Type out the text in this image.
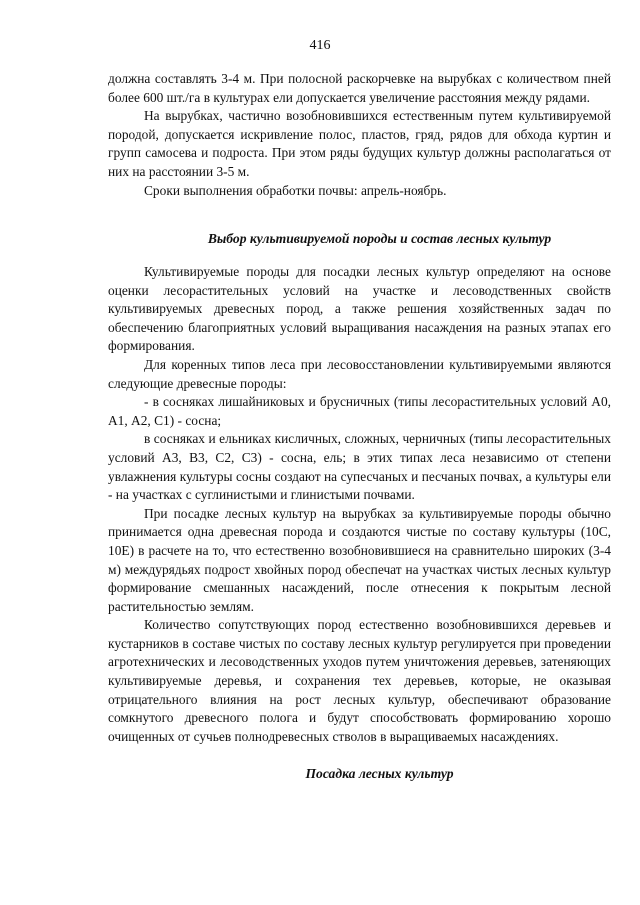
416

должна составлять 3-4 м. При полосной раскорчевке на вырубках с количеством пней более 600 шт./га в культурах ели допускается увеличение расстояния между рядами.

На вырубках, частично возобновившихся естественным путем культивируемой породой, допускается искривление полос, пластов, гряд, рядов для обхода куртин и групп самосева и подроста. При этом ряды будущих культур должны располагаться от них на расстоянии 3-5 м.

Сроки выполнения обработки почвы: апрель-ноябрь.

Выбор культивируемой породы и состав лесных культур

Культивируемые породы для посадки лесных культур определяют на основе оценки лесорастительных условий на участке и лесоводственных свойств культивируемых древесных пород, а также решения хозяйственных задач по обеспечению благоприятных условий выращивания насаждения на разных этапах его формирования.

Для коренных типов леса при лесовосстановлении культивируемыми являются следующие древесные породы:

- в сосняках лишайниковых и брусничных (типы лесорастительных условий А0, А1, А2, С1) - сосна;

в сосняках и ельниках кисличных, сложных, черничных (типы лесорастительных условий А3, В3, С2, С3) - сосна, ель; в этих типах леса независимо от степени увлажнения культуры сосны создают на супесчаных и песчаных почвах, а культуры ели - на участках с суглинистыми и глинистыми почвами.

При посадке лесных культур на вырубках за культивируемые породы обычно принимается одна древесная порода и создаются чистые по составу культуры (10С, 10Е) в расчете на то, что естественно возобновившиеся на сравнительно широких (3-4 м) междурядьях подрост хвойных пород обеспечат на участках чистых лесных культур формирование смешанных насаждений, после отнесения к покрытым лесной растительностью землям.

Количество сопутствующих пород естественно возобновившихся деревьев и кустарников в составе чистых по составу лесных культур регулируется при проведении агротехнических и лесоводственных уходов путем уничтожения деревьев, затеняющих культивируемые деревья, и сохранения тех деревьев, которые, не оказывая отрицательного влияния на рост лесных культур, обеспечивают образование сомкнутого древесного полога и будут способствовать формированию хорошо очищенных от сучьев полнодревесных стволов в выращиваемых насаждениях.

Посадка лесных культур
